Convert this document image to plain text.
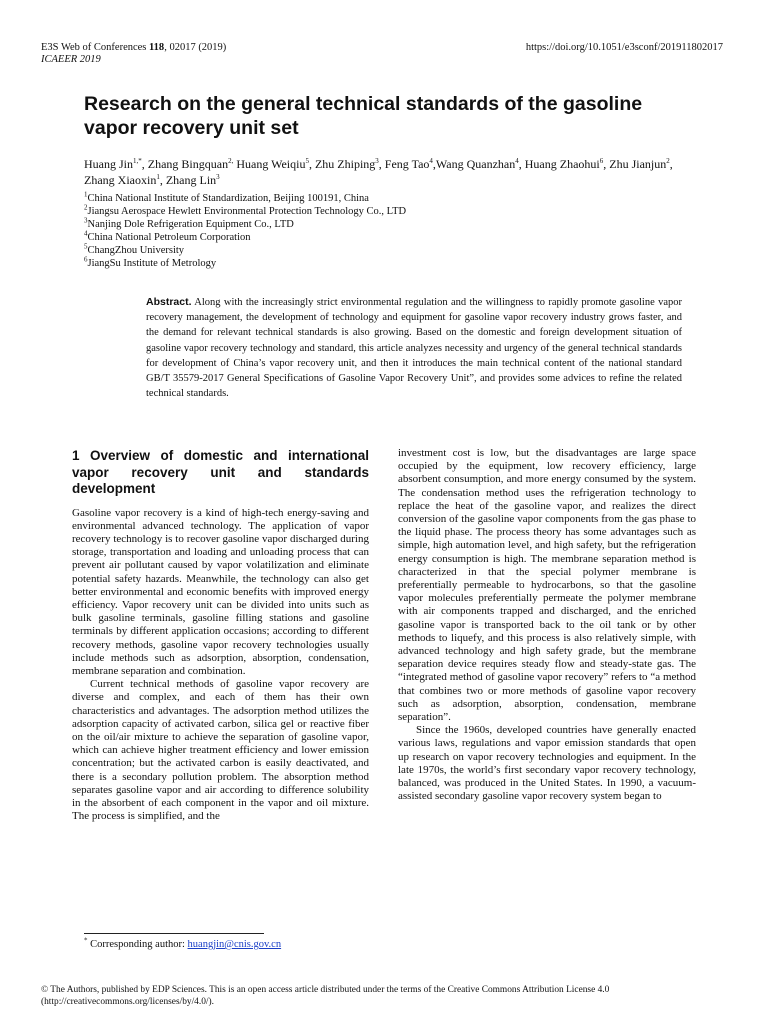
E3S Web of Conferences 118, 02017 (2019)	https://doi.org/10.1051/e3sconf/201911802017
ICAEER 2019
Research on the general technical standards of the gasoline vapor recovery unit set
Huang Jin$^{1,*}$, Zhang Bingquan$^{2,}$ Huang Weiqiu$^5$, Zhu Zhiping$^3$, Feng Tao$^4$,Wang Quanzhan$^4$, Huang Zhaohui$^6$, Zhu Jianjun$^2$, Zhang Xiaoxin$^1$, Zhang Lin$^3$
$^1$China National Institute of Standardization, Beijing 100191, China
$^2$Jiangsu Aerospace Hewlett Environmental Protection Technology Co., LTD
$^3$Nanjing Dole Refrigeration Equipment Co., LTD
$^4$China National Petroleum Corporation
$^5$ChangZhou University
$^6$JiangSu Institute of Metrology
Abstract. Along with the increasingly strict environmental regulation and the willingness to rapidly promote gasoline vapor recovery management, the development of technology and equipment for gasoline vapor recovery industry grows faster, and the demand for relevant technical standards is also growing. Based on the domestic and foreign development situation of gasoline vapor recovery technology and standard, this article analyzes necessity and urgency of the general technical standards for development of China’s vapor recovery unit, and then it introduces the main technical content of the national standard GB/T 35579-2017 General Specifications of Gasoline Vapor Recovery Unit”, and provides some advices to refine the related technical standards.
1 Overview of domestic and international vapor recovery unit and standards development

Gasoline vapor recovery is a kind of high-tech energy-saving and environmental advanced technology. The application of vapor recovery technology is to recover gasoline vapor discharged during storage, transportation and loading and unloading process that can prevent air pollutant caused by vapor volatilization and eliminate potential safety hazards. Meanwhile, the technology can also get better environmental and economic benefits with improved energy efficiency. Vapor recovery unit can be divided into units such as bulk gasoline terminals, gasoline filling stations and gasoline terminals by different application occasions; according to different recovery methods, gasoline vapor recovery technologies usually include methods such as adsorption, absorption, condensation, membrane separation and combination.

Current technical methods of gasoline vapor recovery are diverse and complex, and each of them has their own characteristics and advantages. The adsorption method utilizes the adsorption capacity of activated carbon, silica gel or reactive fiber on the oil/air mixture to achieve the separation of gasoline vapor, which can achieve higher treatment efficiency and lower emission concentration; but the activated carbon is easily deactivated, and there is a secondary pollution problem. The absorption method separates gasoline vapor and air according to difference solubility in the absorbent of each component in the vapor and oil mixture. The process is simplified, and the

investment cost is low, but the disadvantages are large space occupied by the equipment, low recovery efficiency, large absorbent consumption, and more energy consumed by the system. The condensation method uses the refrigeration technology to replace the heat of the gasoline vapor, and realizes the direct conversion of the gasoline vapor components from the gas phase to the liquid phase. The process theory has some advantages such as simple, high automation level, and high safety, but the refrigeration energy consumption is high. The membrane separation method is characterized in that the special polymer membrane is preferentially permeable to hydrocarbons, so that the gasoline vapor molecules preferentially permeate the polymer membrane with air components trapped and discharged, and the enriched gasoline vapor is transported back to the oil tank or by other methods to liquefy, and this process is also relatively simple, with advanced technology and high safety grade, but the membrane separation device requires steady flow and steady-state gas. The “integrated method of gasoline vapor recovery” refers to “a method that combines two or more methods of gasoline vapor recovery such as adsorption, absorption, condensation, membrane separation”.

Since the 1960s, developed countries have generally enacted various laws, regulations and vapor emission standards that open up research on vapor recovery technologies and equipment. In the late 1970s, the world’s first secondary vapor recovery technology, balanced, was produced in the United States. In 1990, a vacuum-assisted secondary gasoline vapor recovery system began to

* Corresponding author: huangjin@cnis.gov.cn
© The Authors, published by EDP Sciences. This is an open access article distributed under the terms of the Creative Commons Attribution License 4.0 (http://creativecommons.org/licenses/by/4.0/).
